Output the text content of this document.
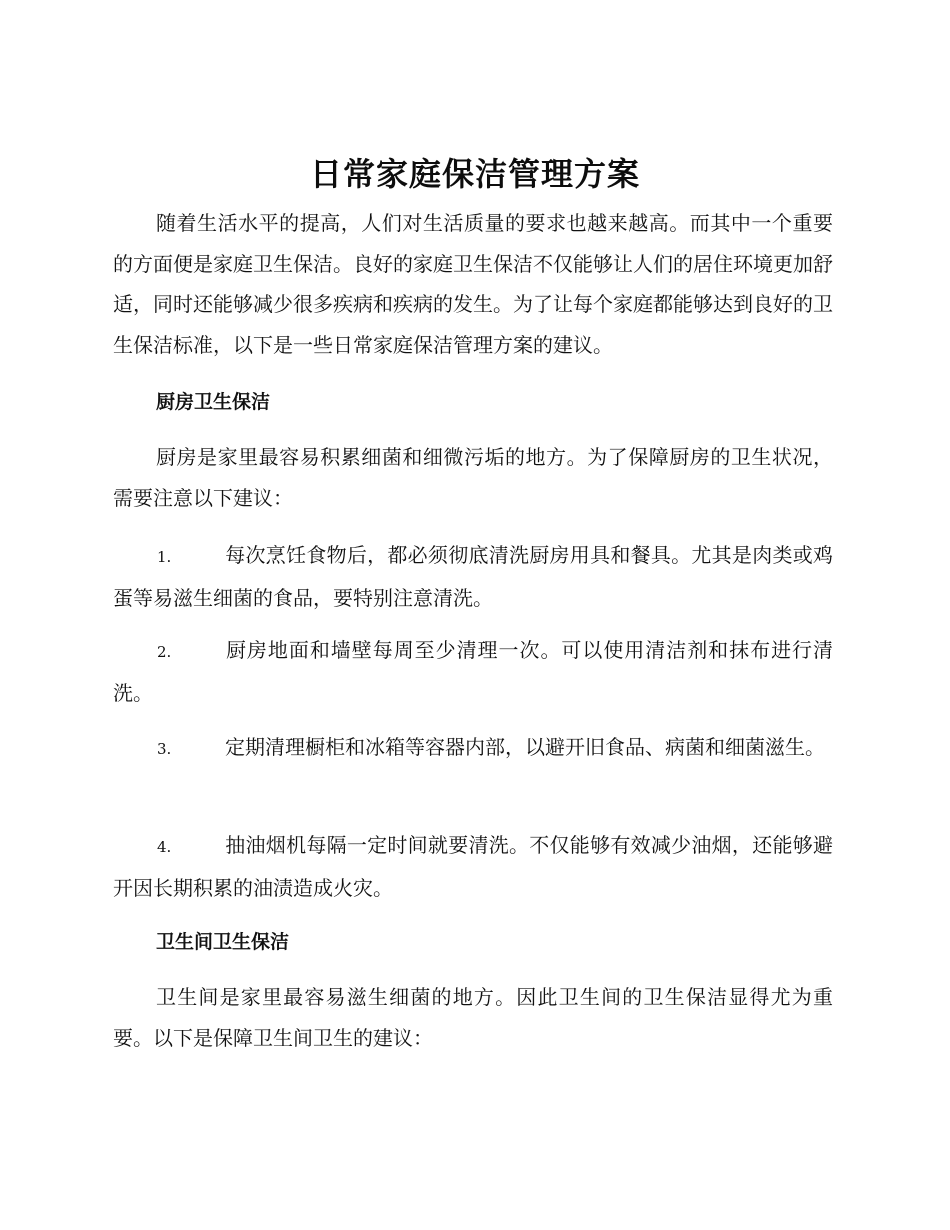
日常家庭保洁管理方案

随着生活水平的提高，人们对生活质量的要求也越来越高。而其中一个重要的方面便是家庭卫生保洁。良好的家庭卫生保洁不仅能够让人们的居住环境更加舒适，同时还能够减少很多疾病和疾病的发生。为了让每个家庭都能够达到良好的卫生保洁标准，以下是一些日常家庭保洁管理方案的建议。

厨房卫生保洁

厨房是家里最容易积累细菌和细微污垢的地方。为了保障厨房的卫生状况，需要注意以下建议：

1.	每次烹饪食物后，都必须彻底清洗厨房用具和餐具。尤其是肉类或鸡蛋等易滋生细菌的食品，要特别注意清洗。

2.	厨房地面和墙壁每周至少清理一次。可以使用清洁剂和抹布进行清洗。

3.	定期清理橱柜和冰箱等容器内部，以避开旧食品、病菌和细菌滋生。

4.	抽油烟机每隔一定时间就要清洗。不仅能够有效减少油烟，还能够避开因长期积累的油渍造成火灾。

卫生间卫生保洁

卫生间是家里最容易滋生细菌的地方。因此卫生间的卫生保洁显得尤为重要。以下是保障卫生间卫生的建议：
